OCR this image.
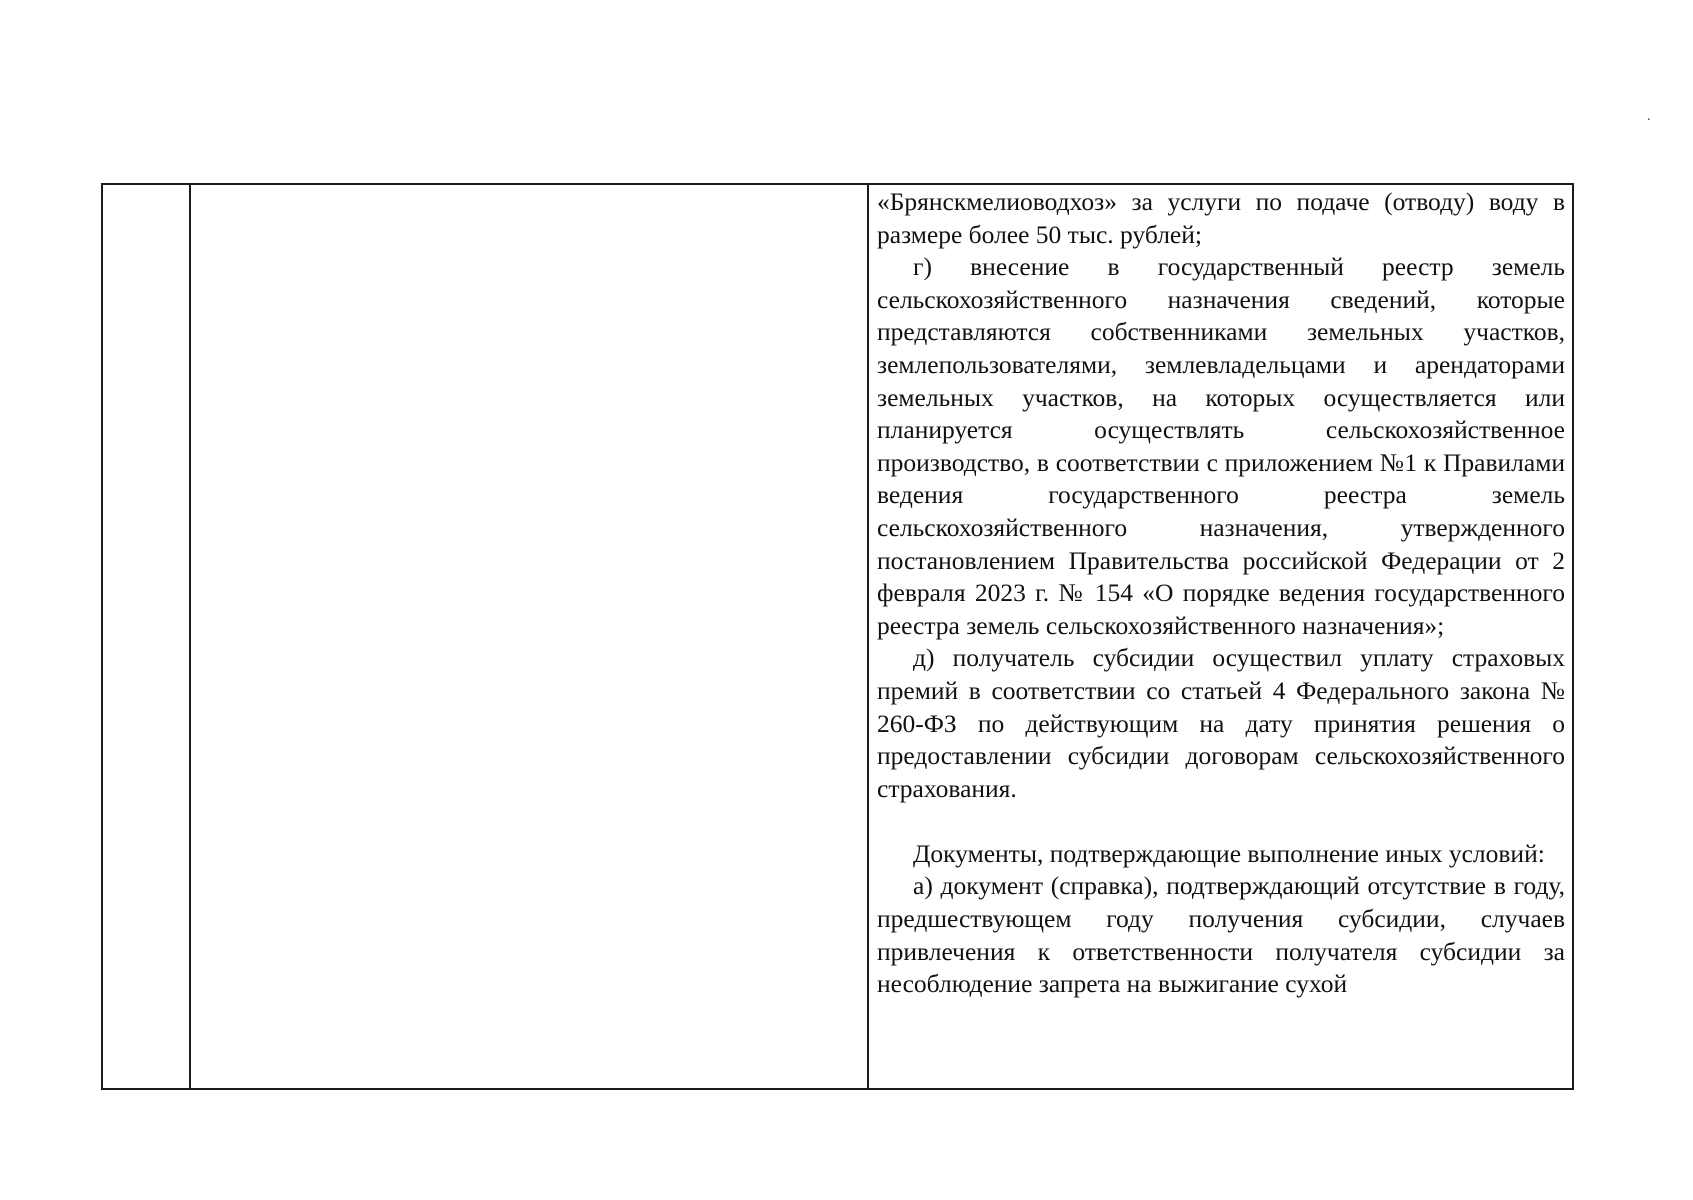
.

«Брянскмелиоводхоз» за услуги по подаче (отводу) воду в размере более 50 тыс. рублей;

г) внесение в государственный реестр земель сельскохозяйственного назначения сведений, которые представляются собственниками земельных участков, землепользователями, землевладельцами и арендаторами земельных участков, на которых осуществляется или планируется осуществлять сельскохозяйственное производство, в соответствии с приложением №1 к Правилами ведения государственного реестра земель сельскохозяйственного назначения, утвержденного постановлением Правительства российской Федерации от 2 февраля 2023 г. № 154 «О порядке ведения государственного реестра земель сельскохозяйственного назначения»;

д) получатель субсидии осуществил уплату страховых премий в соответствии со статьей 4 Федерального закона № 260-ФЗ по действующим на дату принятия решения о предоставлении субсидии договорам сельскохозяйственного страхования.

Документы, подтверждающие выполнение иных условий:

а) документ (справка), подтверждающий отсутствие в году, предшествующем году получения субсидии, случаев привлечения к ответственности получателя субсидии за несоблюдение запрета на выжигание сухой
